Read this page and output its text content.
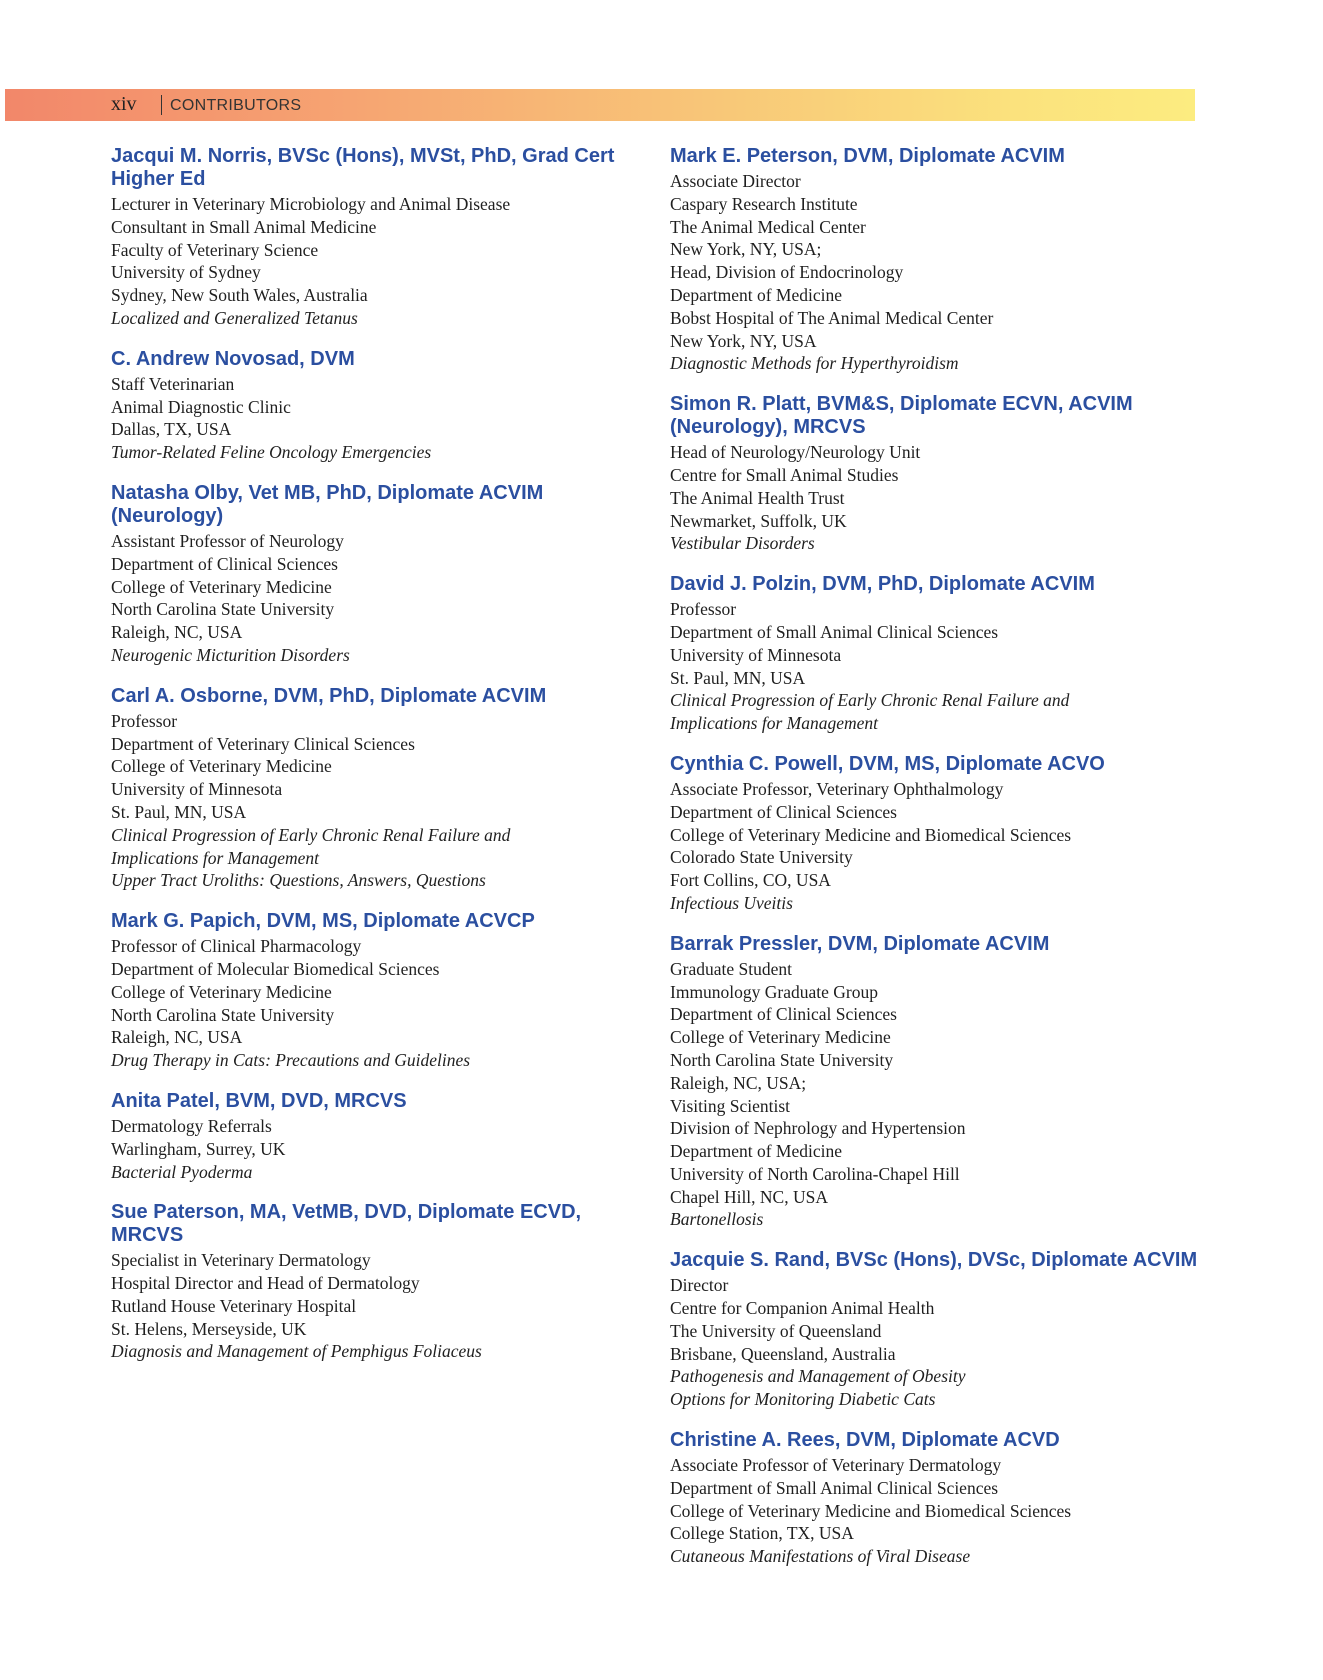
xiv CONTRIBUTORS
Jacqui M. Norris, BVSc (Hons), MVSt, PhD, Grad Cert Higher Ed
Lecturer in Veterinary Microbiology and Animal Disease
Consultant in Small Animal Medicine
Faculty of Veterinary Science
University of Sydney
Sydney, New South Wales, Australia
Localized and Generalized Tetanus
C. Andrew Novosad, DVM
Staff Veterinarian
Animal Diagnostic Clinic
Dallas, TX, USA
Tumor-Related Feline Oncology Emergencies
Natasha Olby, Vet MB, PhD, Diplomate ACVIM (Neurology)
Assistant Professor of Neurology
Department of Clinical Sciences
College of Veterinary Medicine
North Carolina State University
Raleigh, NC, USA
Neurogenic Micturition Disorders
Carl A. Osborne, DVM, PhD, Diplomate ACVIM
Professor
Department of Veterinary Clinical Sciences
College of Veterinary Medicine
University of Minnesota
St. Paul, MN, USA
Clinical Progression of Early Chronic Renal Failure and
Implications for Management
Upper Tract Uroliths: Questions, Answers, Questions
Mark G. Papich, DVM, MS, Diplomate ACVCP
Professor of Clinical Pharmacology
Department of Molecular Biomedical Sciences
College of Veterinary Medicine
North Carolina State University
Raleigh, NC, USA
Drug Therapy in Cats: Precautions and Guidelines
Anita Patel, BVM, DVD, MRCVS
Dermatology Referrals
Warlingham, Surrey, UK
Bacterial Pyoderma
Sue Paterson, MA, VetMB, DVD, Diplomate ECVD, MRCVS
Specialist in Veterinary Dermatology
Hospital Director and Head of Dermatology
Rutland House Veterinary Hospital
St. Helens, Merseyside, UK
Diagnosis and Management of Pemphigus Foliaceus
Mark E. Peterson, DVM, Diplomate ACVIM
Associate Director
Caspary Research Institute
The Animal Medical Center
New York, NY, USA;
Head, Division of Endocrinology
Department of Medicine
Bobst Hospital of The Animal Medical Center
New York, NY, USA
Diagnostic Methods for Hyperthyroidism
Simon R. Platt, BVM&S, Diplomate ECVN, ACVIM (Neurology), MRCVS
Head of Neurology/Neurology Unit
Centre for Small Animal Studies
The Animal Health Trust
Newmarket, Suffolk, UK
Vestibular Disorders
David J. Polzin, DVM, PhD, Diplomate ACVIM
Professor
Department of Small Animal Clinical Sciences
University of Minnesota
St. Paul, MN, USA
Clinical Progression of Early Chronic Renal Failure and
Implications for Management
Cynthia C. Powell, DVM, MS, Diplomate ACVO
Associate Professor, Veterinary Ophthalmology
Department of Clinical Sciences
College of Veterinary Medicine and Biomedical Sciences
Colorado State University
Fort Collins, CO, USA
Infectious Uveitis
Barrak Pressler, DVM, Diplomate ACVIM
Graduate Student
Immunology Graduate Group
Department of Clinical Sciences
College of Veterinary Medicine
North Carolina State University
Raleigh, NC, USA;
Visiting Scientist
Division of Nephrology and Hypertension
Department of Medicine
University of North Carolina-Chapel Hill
Chapel Hill, NC, USA
Bartonellosis
Jacquie S. Rand, BVSc (Hons), DVSc, Diplomate ACVIM
Director
Centre for Companion Animal Health
The University of Queensland
Brisbane, Queensland, Australia
Pathogenesis and Management of Obesity
Options for Monitoring Diabetic Cats
Christine A. Rees, DVM, Diplomate ACVD
Associate Professor of Veterinary Dermatology
Department of Small Animal Clinical Sciences
College of Veterinary Medicine and Biomedical Sciences
College Station, TX, USA
Cutaneous Manifestations of Viral Disease
